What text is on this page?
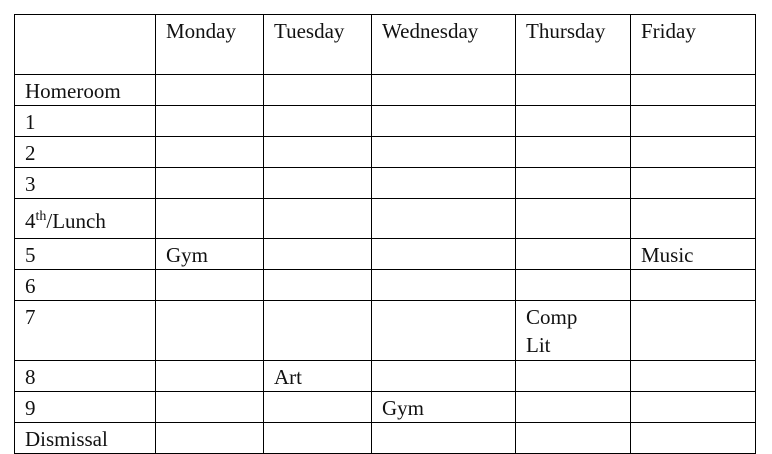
	Monday	Tuesday	Wednesday	Thursday	Friday
Homeroom					
1					
2					
3					
4th/Lunch					
5	Gym				Music
6					
7				Comp Lit	
8		Art			
9			Gym		
Dismissal					
